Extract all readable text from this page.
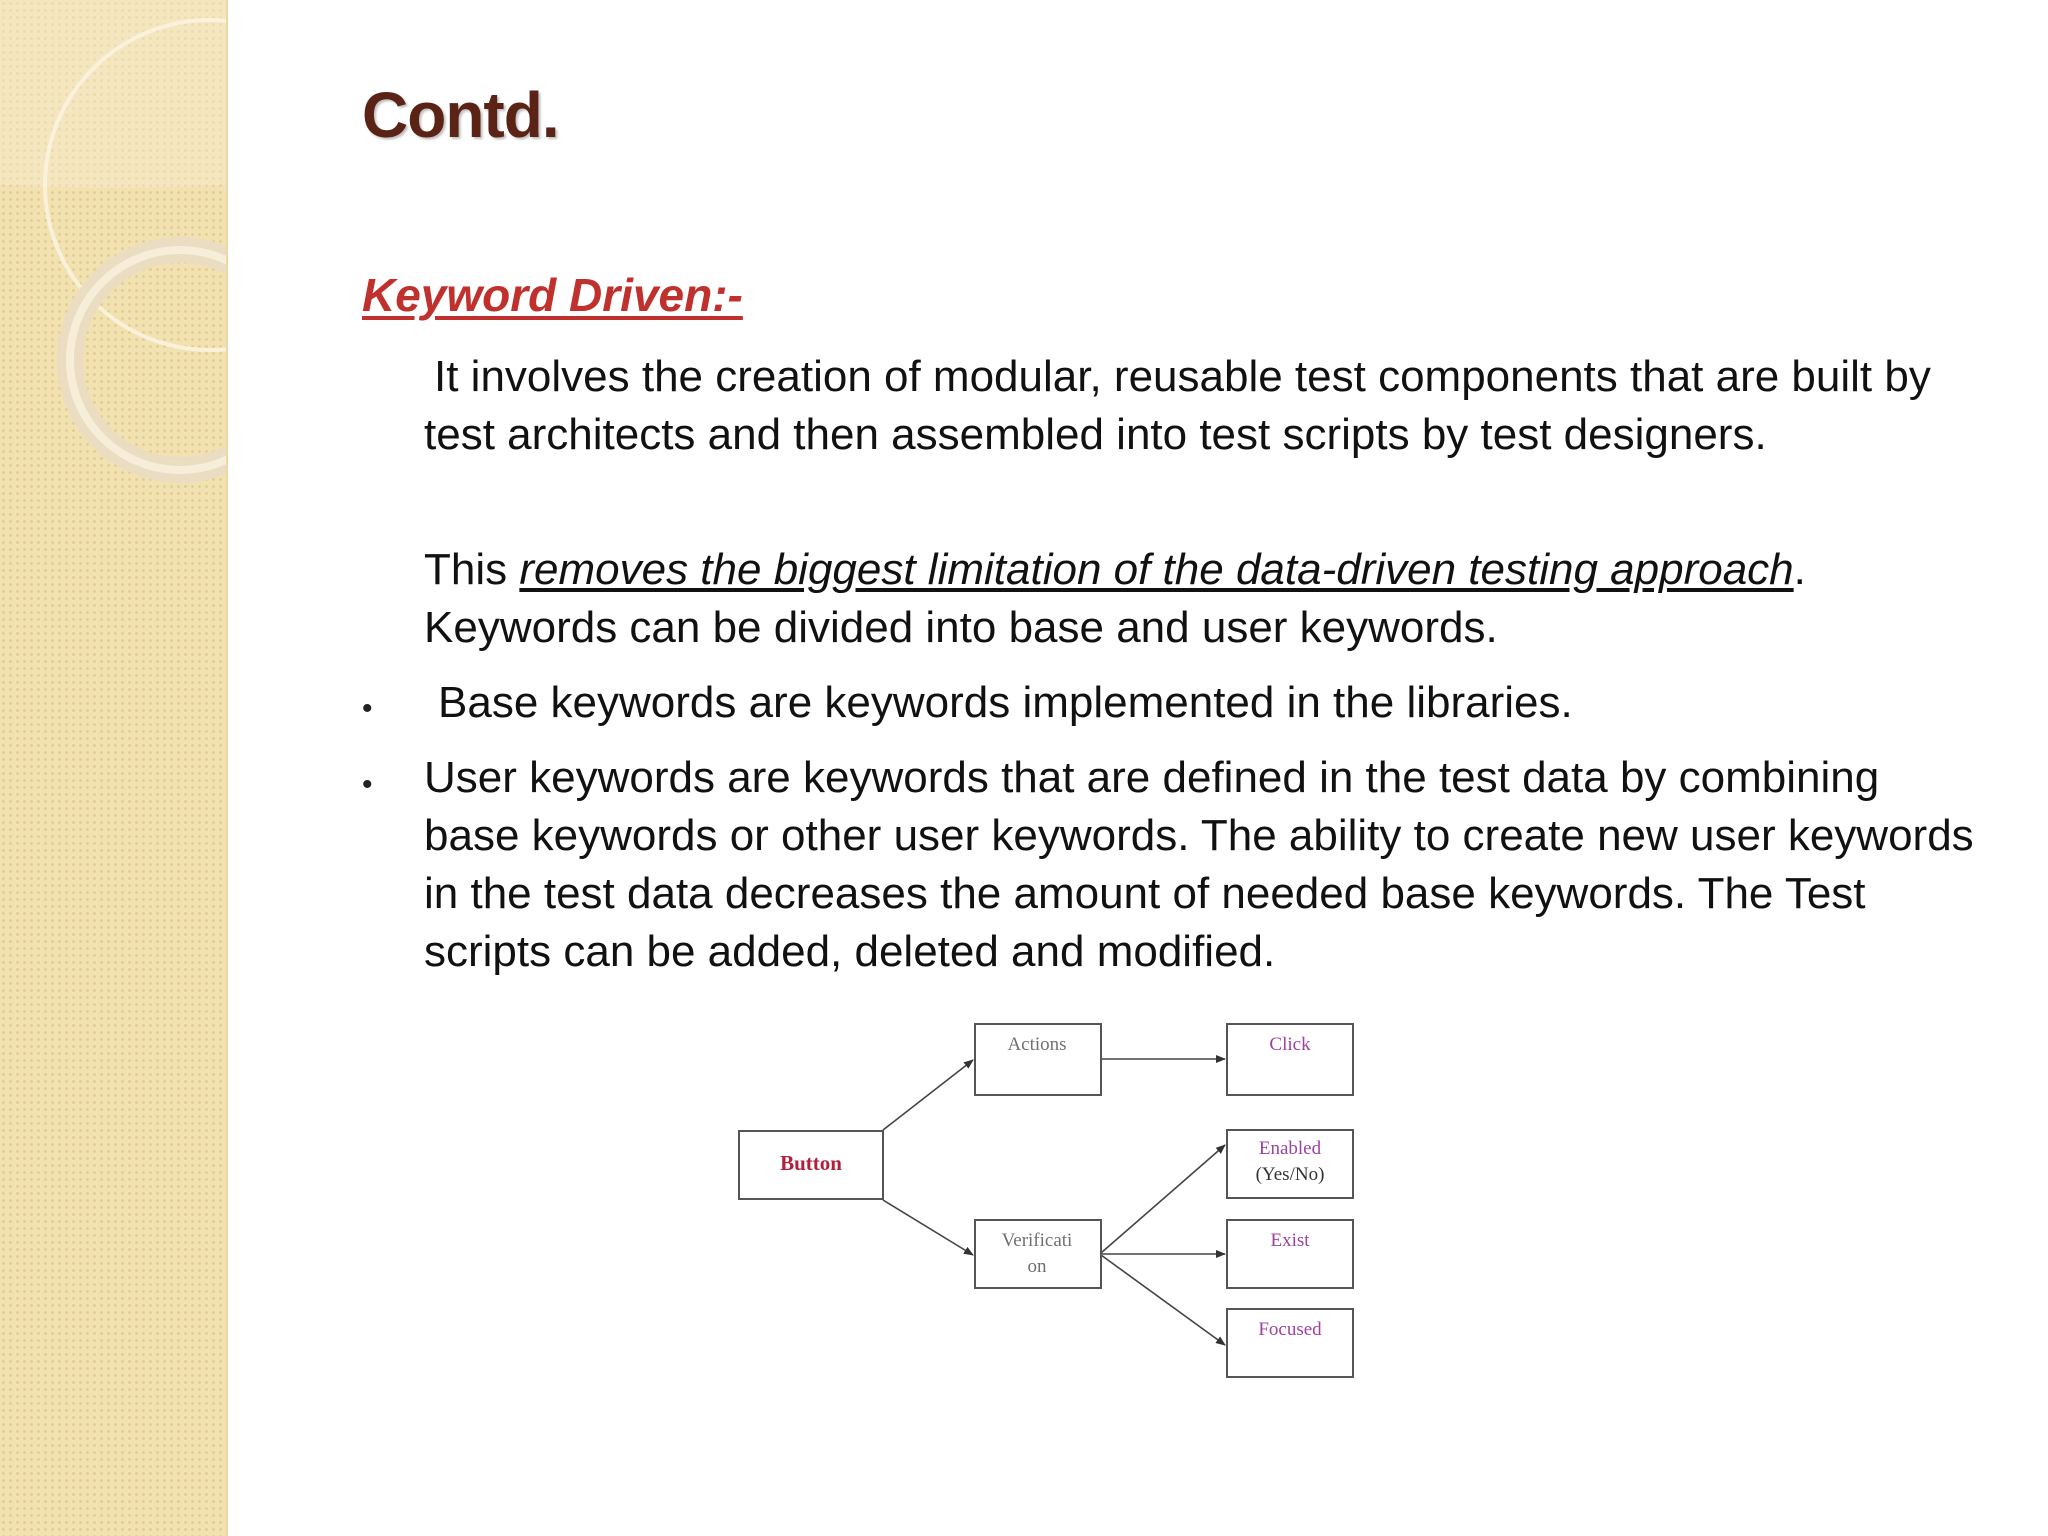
Contd.
Keyword Driven:-
It involves the creation of modular, reusable test components that are built by test architects and then assembled into test scripts by test designers.
This removes the biggest limitation of the data-driven testing approach. Keywords can be divided into base and user keywords.
•	Base keywords are keywords implemented in the libraries.
• User keywords are keywords that are defined in the test data by combining base keywords or other user keywords. The ability to create new user keywords in the test data decreases the amount of needed base keywords. The Test scripts can be added, deleted and modified.
Button
Actions	Click
Verificati
on
Enabled
(Yes/No)
Exist
Focused
